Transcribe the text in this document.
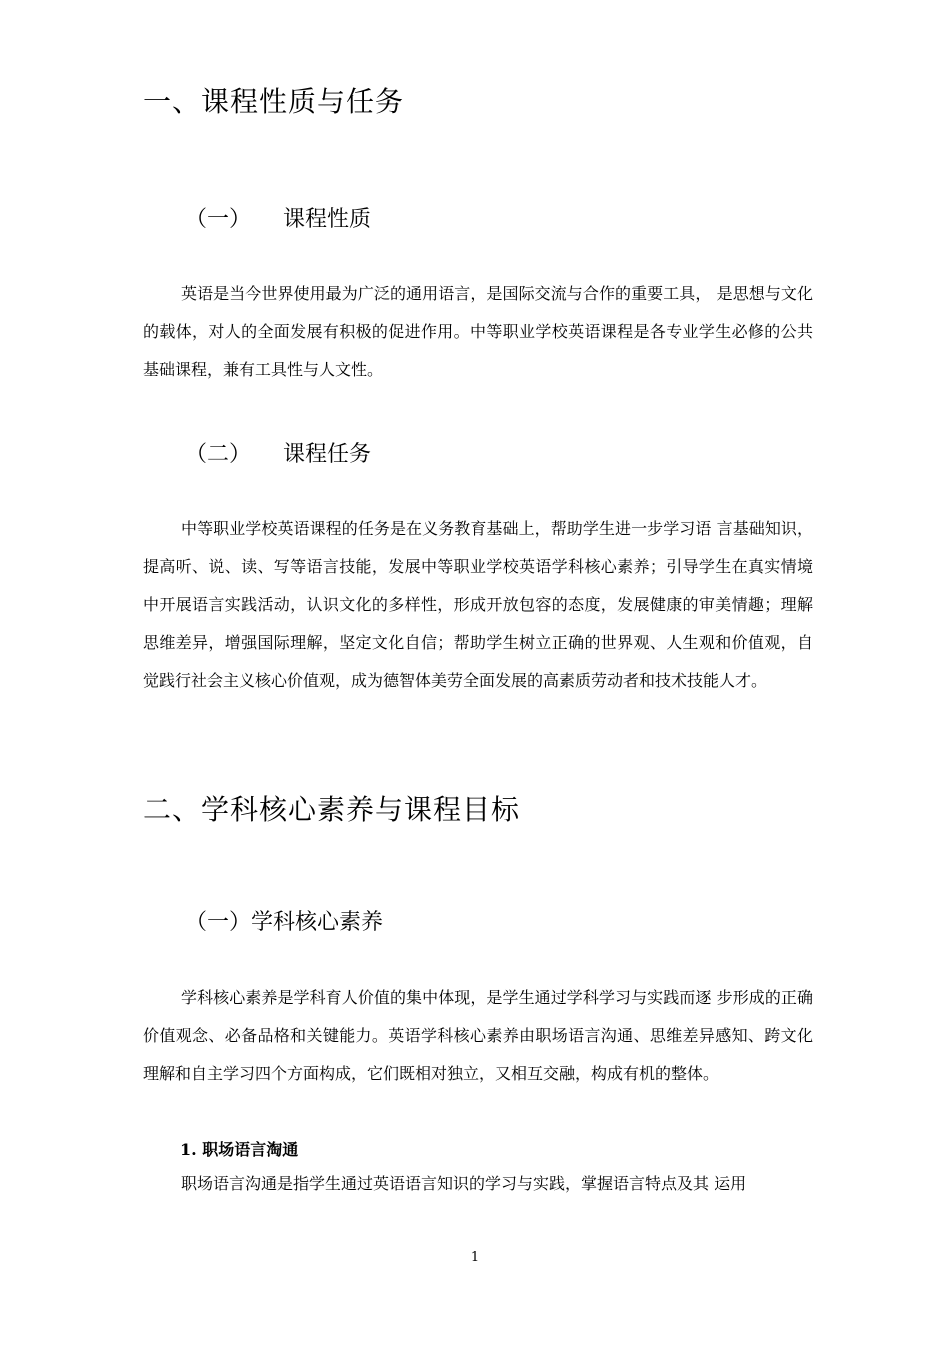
一、课程性质与任务
（一） 课程性质

英语是当今世界使用最为广泛的通用语言，是国际交流与合作的重要工具， 是思想与文化的载体，对人的全面发展有积极的促进作用。中等职业学校英语课程是各专业学生必修的公共基础课程，兼有工具性与人文性。

（二） 课程任务

中等职业学校英语课程的任务是在义务教育基础上，帮助学生进一步学习语 言基础知识，提高听、说、读、写等语言技能，发展中等职业学校英语学科核心素养；引导学生在真实情境中开展语言实践活动，认识文化的多样性，形成开放包容的态度，发展健康的审美情趣；理解思维差异，增强国际理解，坚定文化自信；帮助学生树立正确的世界观、人生观和价值观，自觉践行社会主义核心价值观，成为德智体美劳全面发展的高素质劳动者和技术技能人才。

二、学科核心素养与课程目标
（一）学科核心素养

学科核心素养是学科育人价值的集中体现，是学生通过学科学习与实践而逐 步形成的正确价值观念、必备品格和关键能力。英语学科核心素养由职场语言沟通、思维差异感知、跨文化理解和自主学习四个方面构成，它们既相对独立，又相互交融，构成有机的整体。

1. 职场语言淘通

职场语言沟通是指学生通过英语语言知识的学习与实践，掌握语言特点及其 运用

1
